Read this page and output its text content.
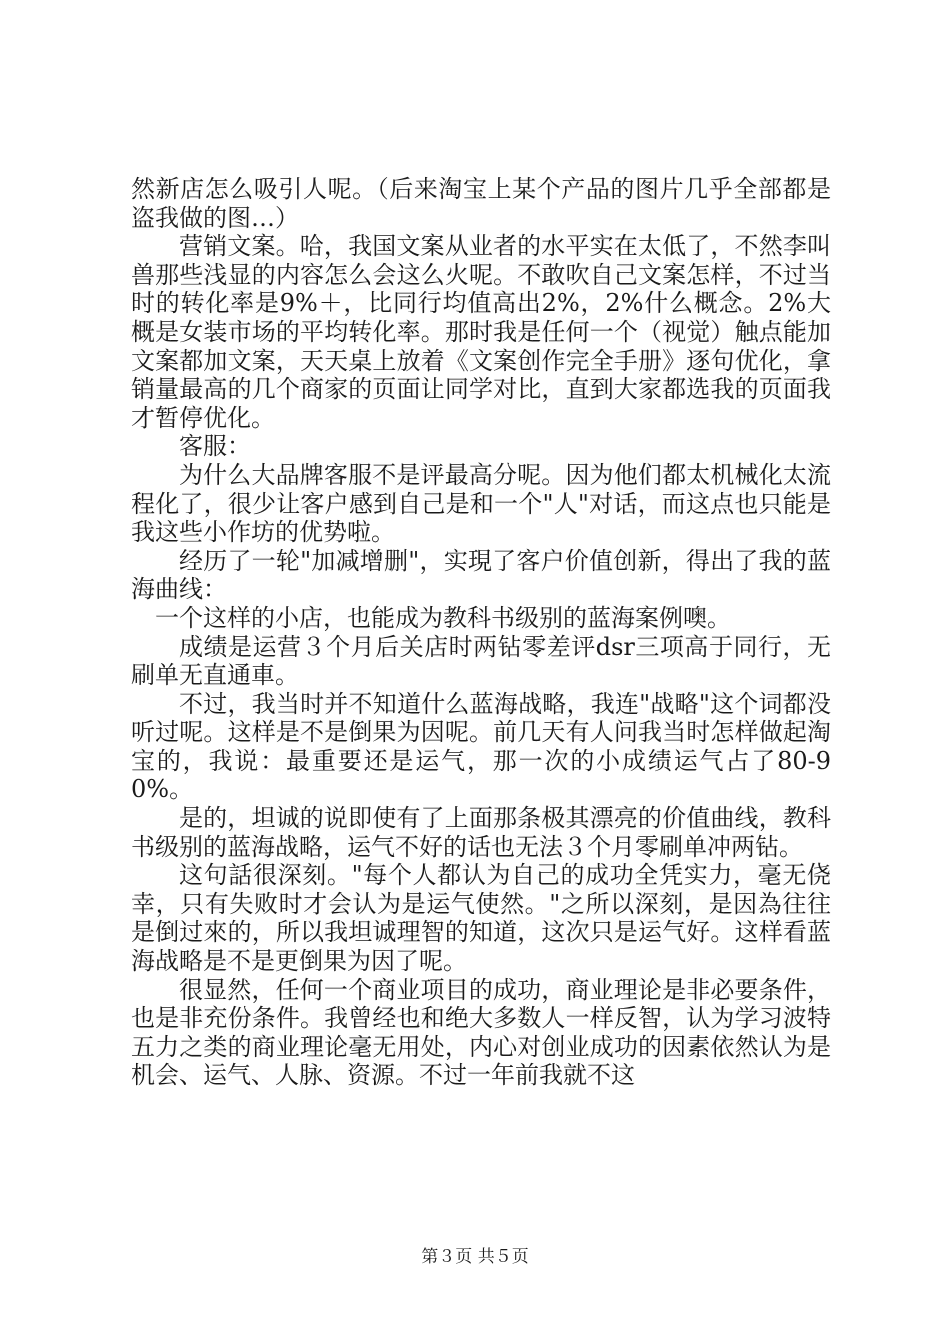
然新店怎么吸引人呢。（后来淘宝上某个产品的图片几乎全部都是盗我做的图…）

营销文案。哈，我国文案从业者的水平实在太低了，不然李叫兽那些浅显的内容怎么会这么火呢。不敢吹自己文案怎样，不过当时的转化率是9%＋，比同行均值高出2%，2%什么概念。2%大概是女装市场的平均转化率。那时我是任何一个（视觉）触点能加文案都加文案，天天桌上放着《文案创作完全手册》逐句优化，拿销量最高的几个商家的页面让同学对比，直到大家都选我的页面我才暂停优化。

客服：

为什么大品牌客服不是评最高分呢。因为他们都太机械化太流程化了，很少让客户感到自己是和一个"人"对话，而这点也只能是我这些小作坊的优势啦。

经历了一轮"加减增删"，实現了客户价值创新，得出了我的蓝海曲线：

一个这样的小店，也能成为教科书级别的蓝海案例噢。

成绩是运营３个月后关店时两钻零差评dsr三项高于同行，无刷单无直通車。

不过，我当时并不知道什么蓝海战略，我连"战略"这个词都没听过呢。这样是不是倒果为因呢。前几天有人问我当时怎样做起淘宝的，我说：最重要还是运气，那一次的小成绩运气占了80-90%。

是的，坦诚的说即使有了上面那条极其漂亮的价值曲线，教科书级别的蓝海战略，运气不好的话也无法３个月零刷单冲两钻。

这句話很深刻。"每个人都认为自己的成功全凭实力，毫无侥幸，只有失败时才会认为是运气使然。"之所以深刻，是因為往往是倒过來的，所以我坦诚理智的知道，这次只是运气好。这样看蓝海战略是不是更倒果为因了呢。

很显然，任何一个商业项目的成功，商业理论是非必要条件，也是非充份条件。我曾经也和绝大多数人一样反智，认为学习波特五力之类的商业理论毫无用处，内心对创业成功的因素依然认为是机会、运气、人脉、资源。不过一年前我就不这

第３页 共５页
